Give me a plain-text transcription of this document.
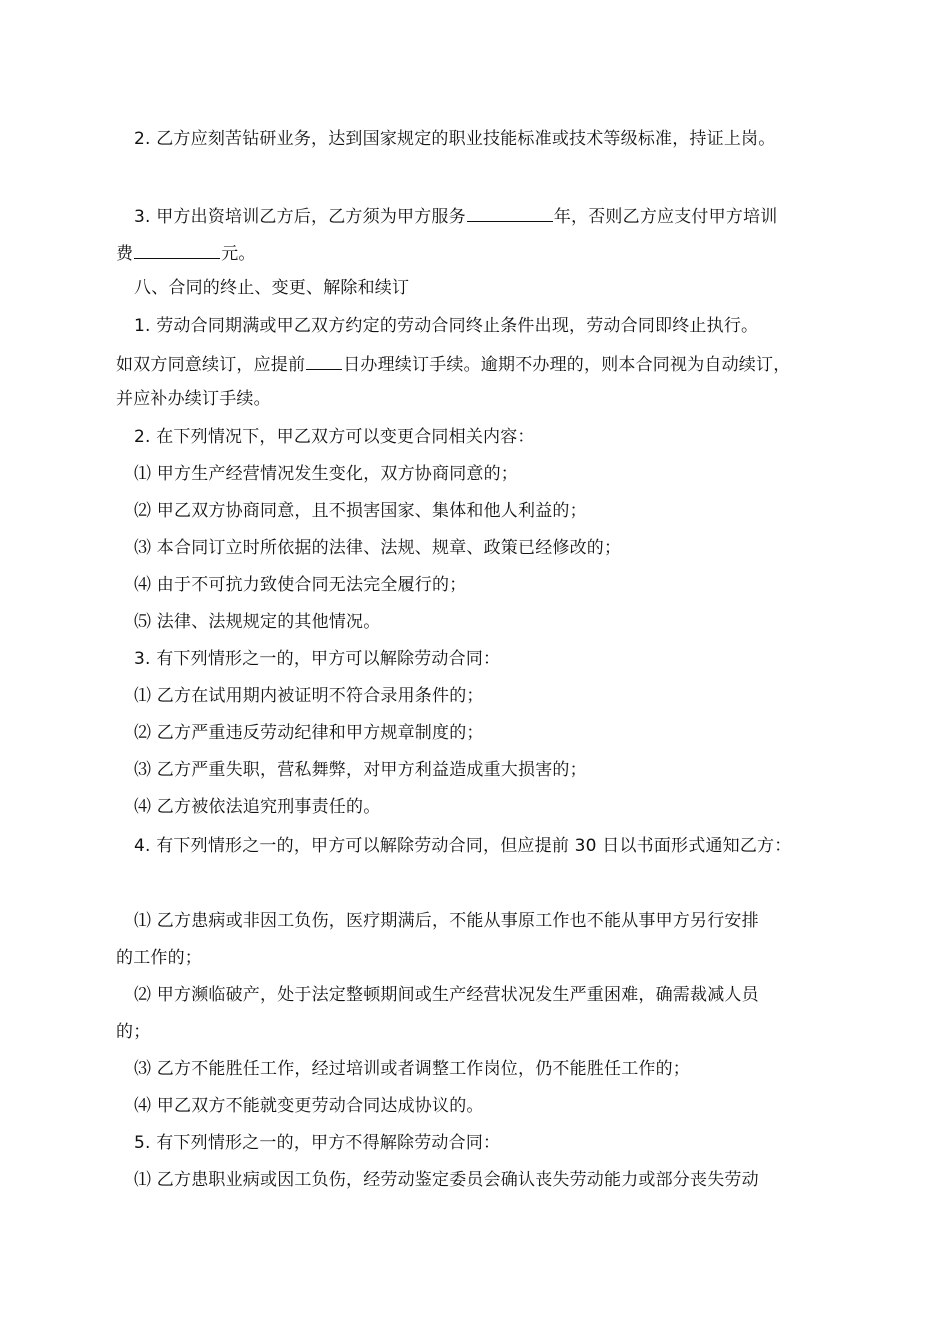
2. 乙方应刻苦钻研业务，达到国家规定的职业技能标准或技术等级标准，持证上岗。
3. 甲方出资培训乙方后，乙方须为甲方服务	年，否则乙方应支付甲方培训
费	元。
八、合同的终止、变更、解除和续订
1. 劳动合同期满或甲乙双方约定的劳动合同终止条件出现，劳动合同即终止执行。
如双方同意续订，应提前 日办理续订手续。逾期不办理的，则本合同视为自动续订，
并应补办续订手续。
2. 在下列情况下，甲乙双方可以变更合同相关内容：
⑴ 甲方生产经营情况发生变化，双方协商同意的；
⑵ 甲乙双方协商同意，且不损害国家、集体和他人利益的；
⑶ 本合同订立时所依据的法律、法规、规章、政策已经修改的；
⑷ 由于不可抗力致使合同无法完全履行的；
⑸ 法律、法规规定的其他情况。
3. 有下列情形之一的，甲方可以解除劳动合同：
⑴ 乙方在试用期内被证明不符合录用条件的；
⑵ 乙方严重违反劳动纪律和甲方规章制度的；
⑶ 乙方严重失职，营私舞弊，对甲方利益造成重大损害的；
⑷ 乙方被依法追究刑事责任的。
4. 有下列情形之一的，甲方可以解除劳动合同，但应提前 30 日以书面形式通知乙方：
⑴ 乙方患病或非因工负伤，医疗期满后，不能从事原工作也不能从事甲方另行安排
的工作的；
⑵ 甲方濒临破产，处于法定整顿期间或生产经营状况发生严重困难，确需裁减人员
的；
⑶ 乙方不能胜任工作，经过培训或者调整工作岗位，仍不能胜任工作的；
⑷ 甲乙双方不能就变更劳动合同达成协议的。
5. 有下列情形之一的，甲方不得解除劳动合同：
⑴ 乙方患职业病或因工负伤，经劳动鉴定委员会确认丧失劳动能力或部分丧失劳动
